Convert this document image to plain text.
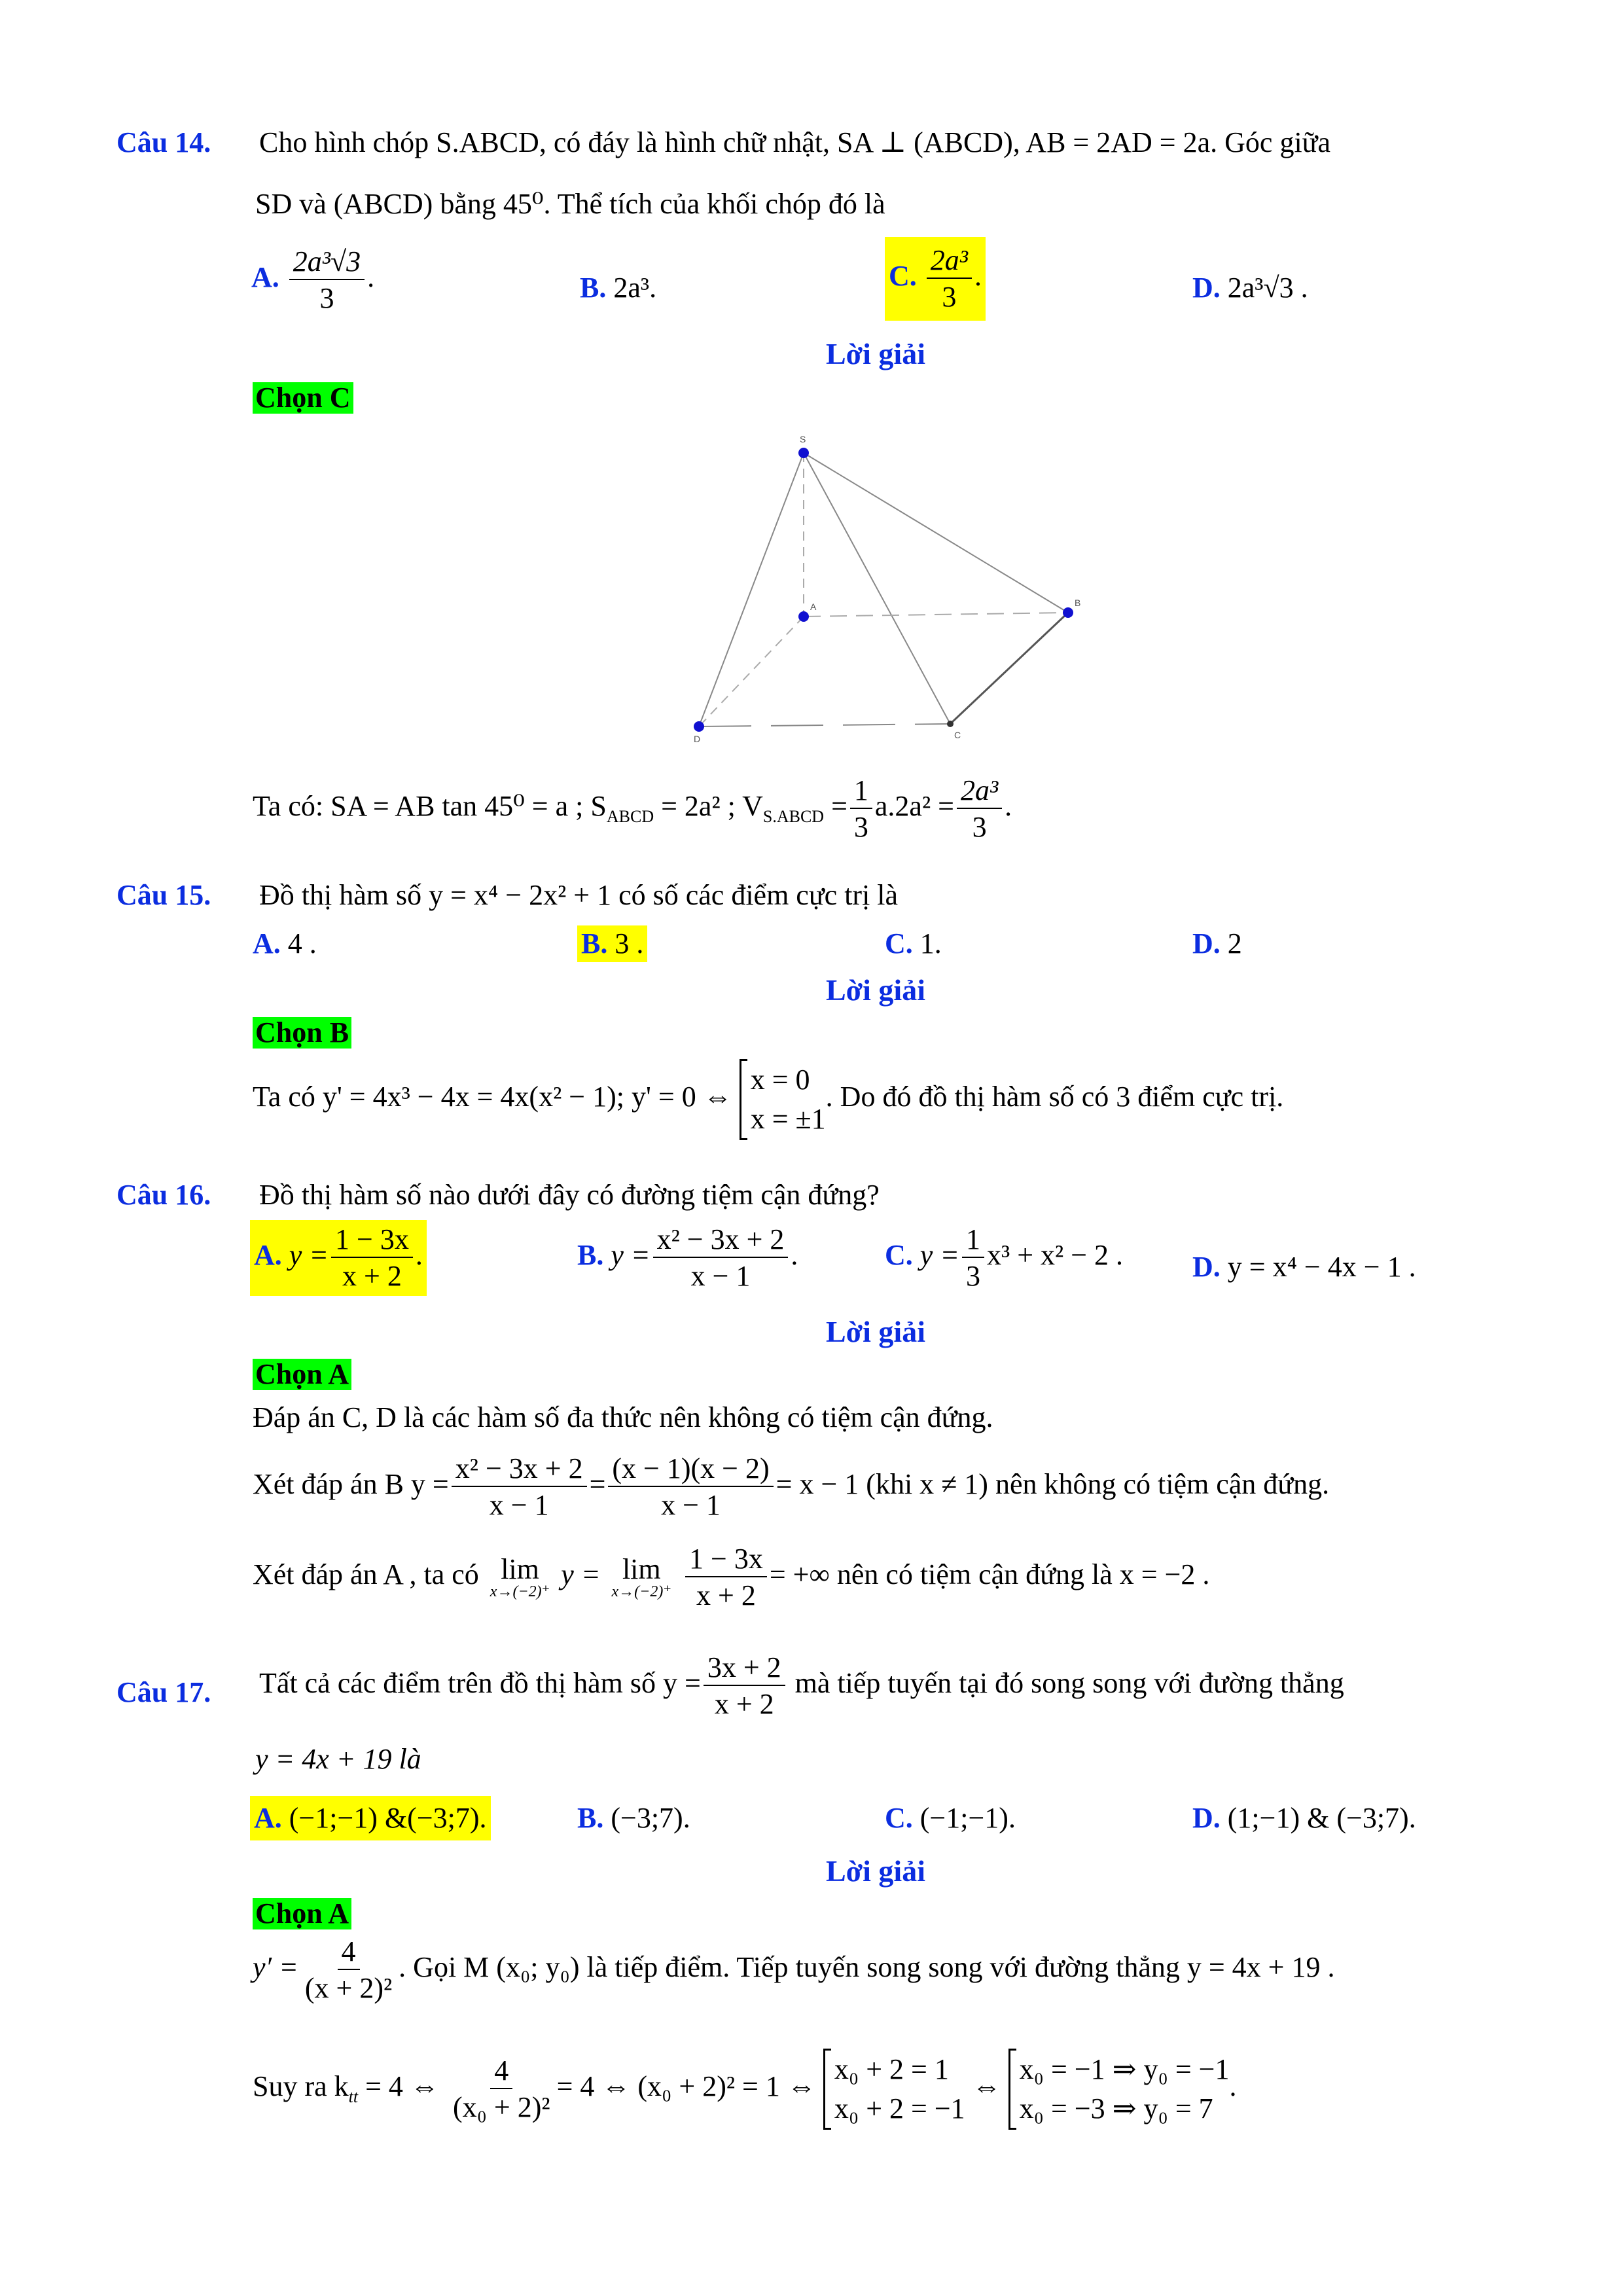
Câu 14. Cho hình chóp S.ABCD, có đáy là hình chữ nhật, SA ⊥ (ABCD), AB = 2AD = 2a. Góc giữa
SD và (ABCD) bằng 45⁰. Thể tích của khối chóp đó là
A. $\frac{\text{2a³√3}}{3}$ .	B. 2a³.	C. $\frac{\text{2a³}}{3}$ .	D. 2a³√3 .
Lời giải
Chọn C
S
A	B
C
D
Ta có: SA = AB tan 45⁰ = a ; $S_{ABCD} = 2a^2$ ; $V_{S.ABCD} = \frac{1}{3} a.2a^2 = \frac{\text{2a³}}{3}$ .
Câu 15. Đồ thị hàm số y = x⁴ − 2x² + 1 có số các điểm cực trị là
A. 4 .	B. 3 .	C. 1.	D. 2
Lời giải
Chọn B
Ta có y' = 4x³ − 4x = 4x(x² − 1); y' = 0 ⇔
x = 0
x = ±1
. Do đó đồ thị hàm số có 3 điểm cực trị.
Câu 16. Đồ thị hàm số nào dưới đây có đường tiệm cận đứng?
A. $y = \frac{1 - 3x}{x + 2}$ .	B. $y = \frac{\text{x² − 3x + 2}}{x - 1}$ .	C. $y = \frac{1}{3} x^3 + x^2 - 2$ . D. y = x⁴ − 4x − 1 .
Lời giải
Chọn A
Đáp án C, D là các hàm số đa thức nên không có tiệm cận đứng.
Xét đáp án B $y = \frac{\text{x² − 3x + 2}}{x - 1} = \frac{(x - 1)(x - 2)}{x - 1} = x - 1$ (khi x ≠ 1) nên không có tiệm cận đứng.
Xét đáp án A , ta có lim
x→(−2)⁺
y = lim
x→(−2)⁺
$\frac{1 - 3x}{x + 2}$ = +∞ nên có tiệm cận đứng là x = −2 .
Câu 17. Tất cả các điểm trên đồ thị hàm số $y = \frac{3x + 2}{x + 2}$ mà tiếp tuyến tại đó song song với đường thẳng
y = 4x + 19 là
A. (−1;−1) &(−3;7).	B. (−3;7).	C. (−1;−1).	D. (1;−1) & (−3;7).
Lời giải
Chọn A
$y' = \frac{4}{\text{(x + 2)²}}$ . Gọi M (x₀; y₀) là tiếp điểm. Tiếp tuyến song song với đường thẳng y = 4x + 19 .
Suy ra $k_{tt} = 4$ ⇔ $\frac{4}{\text{(x₀ + 2)²}} = 4$ ⇔ (x₀ + 2)² = 1 ⇔
x₀ + 2 = 1
x₀ + 2 = −1
⇔
x₀ = −1 ⇒ y₀ = −1
x₀ = −3 ⇒ y₀ = 7
.
